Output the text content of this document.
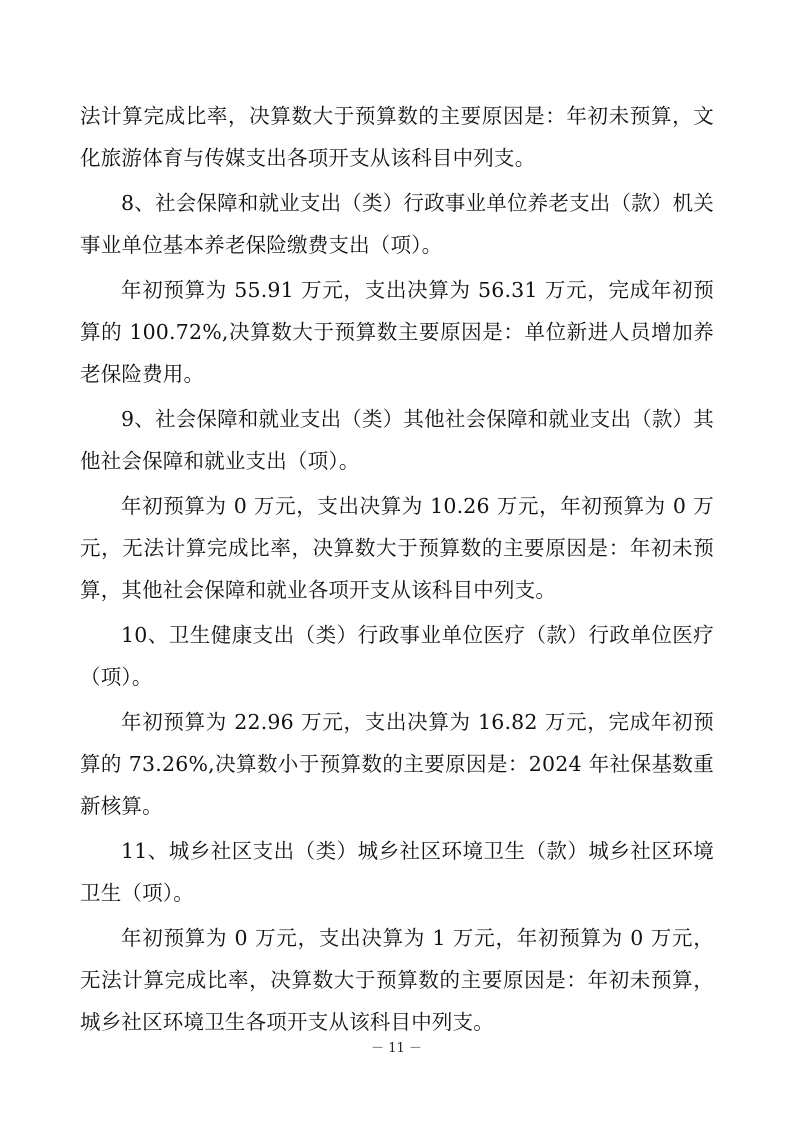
法计算完成比率，决算数大于预算数的主要原因是：年初未预算，文化旅游体育与传媒支出各项开支从该科目中列支。

8、社会保障和就业支出（类）行政事业单位养老支出（款）机关事业单位基本养老保险缴费支出（项）。

年初预算为 55.91 万元，支出决算为 56.31 万元，完成年初预算的 100.72%,决算数大于预算数主要原因是：单位新进人员增加养老保险费用。

9、社会保障和就业支出（类）其他社会保障和就业支出（款）其他社会保障和就业支出（项）。

年初预算为 0 万元，支出决算为 10.26 万元，年初预算为 0 万元，无法计算完成比率，决算数大于预算数的主要原因是：年初未预算，其他社会保障和就业各项开支从该科目中列支。

10、卫生健康支出（类）行政事业单位医疗（款）行政单位医疗（项）。

年初预算为 22.96 万元，支出决算为 16.82 万元，完成年初预算的 73.26%,决算数小于预算数的主要原因是：2024 年社保基数重新核算。

11、城乡社区支出（类）城乡社区环境卫生（款）城乡社区环境卫生（项）。

年初预算为 0 万元，支出决算为 1 万元，年初预算为 0 万元，无法计算完成比率，决算数大于预算数的主要原因是：年初未预算，城乡社区环境卫生各项开支从该科目中列支。

－ 11 －
